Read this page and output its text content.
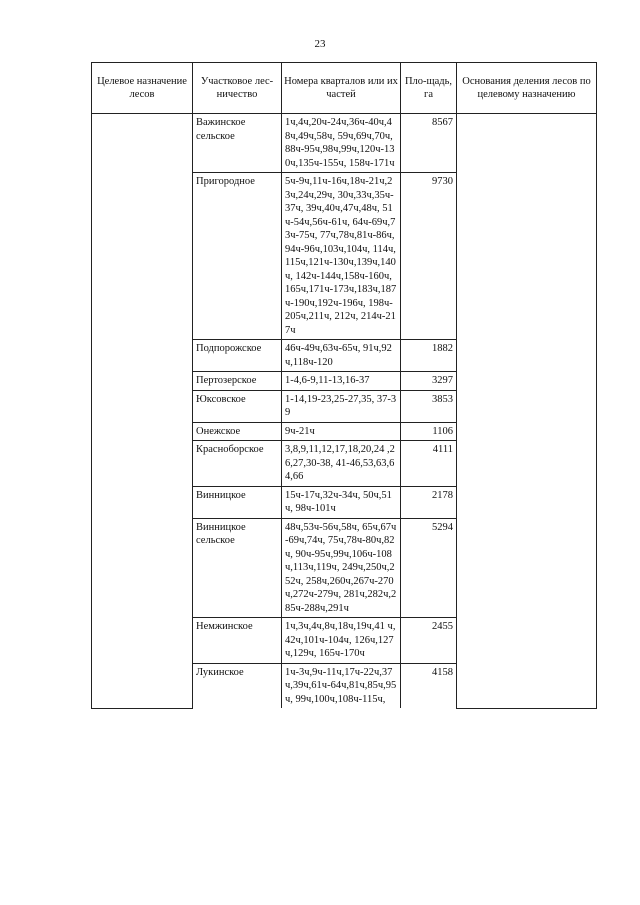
23
Целевое назначение лесов	Участковое лес-ничество	Номера кварталов или их частей	Пло-щадь, га	Основания деления лесов по целевому назначению
	Важинское сельское	1ч,4ч,20ч-24ч,36ч-40ч,48ч,49ч,58ч, 59ч,69ч,70ч,88ч-95ч,98ч,99ч,120ч-130ч,135ч-155ч, 158ч-171ч	8567	
	Пригородное	5ч-9ч,11ч-16ч,18ч-21ч,23ч,24ч,29ч, 30ч,33ч,35ч-37ч, 39ч,40ч,47ч,48ч, 51ч-54ч,56ч-61ч, 64ч-69ч,73ч-75ч, 77ч,78ч,81ч-86ч, 94ч-96ч,103ч,104ч, 114ч,115ч,121ч-130ч,139ч,140ч, 142ч-144ч,158ч-160ч,165ч,171ч-173ч,183ч,187ч-190ч,192ч-196ч, 198ч-205ч,211ч, 212ч, 214ч-217ч	9730	
	Подпорожское	46ч-49ч,63ч-65ч, 91ч,92ч,118ч-120	1882	
	Пертозерское	1-4,6-9,11-13,16-37	3297	
	Юксовское	1-14,19-23,25-27,35, 37-39	3853	
	Онежское	9ч-21ч	1106	
	Красноборское	3,8,9,11,12,17,18,20,24 ,26,27,30-38, 41-46,53,63,64,66	4111	
	Винницкое	15ч-17ч,32ч-34ч, 50ч,51ч, 98ч-101ч	2178	
	Винницкое сельское	48ч,53ч-56ч,58ч, 65ч,67ч-69ч,74ч, 75ч,78ч-80ч,82ч, 90ч-95ч,99ч,106ч-108ч,113ч,119ч, 249ч,250ч,252ч, 258ч,260ч,267ч-270ч,272ч-279ч, 281ч,282ч,285ч-288ч,291ч	5294	
	Немжинское	1ч,3ч,4ч,8ч,18ч,19ч,41 ч,42ч,101ч-104ч, 126ч,127ч,129ч, 165ч-170ч	2455	
	Лукинское	1ч-3ч,9ч-11ч,17ч-22ч,37ч,39ч,61ч-64ч,81ч,85ч,95ч, 99ч,100ч,108ч-115ч,	4158	
